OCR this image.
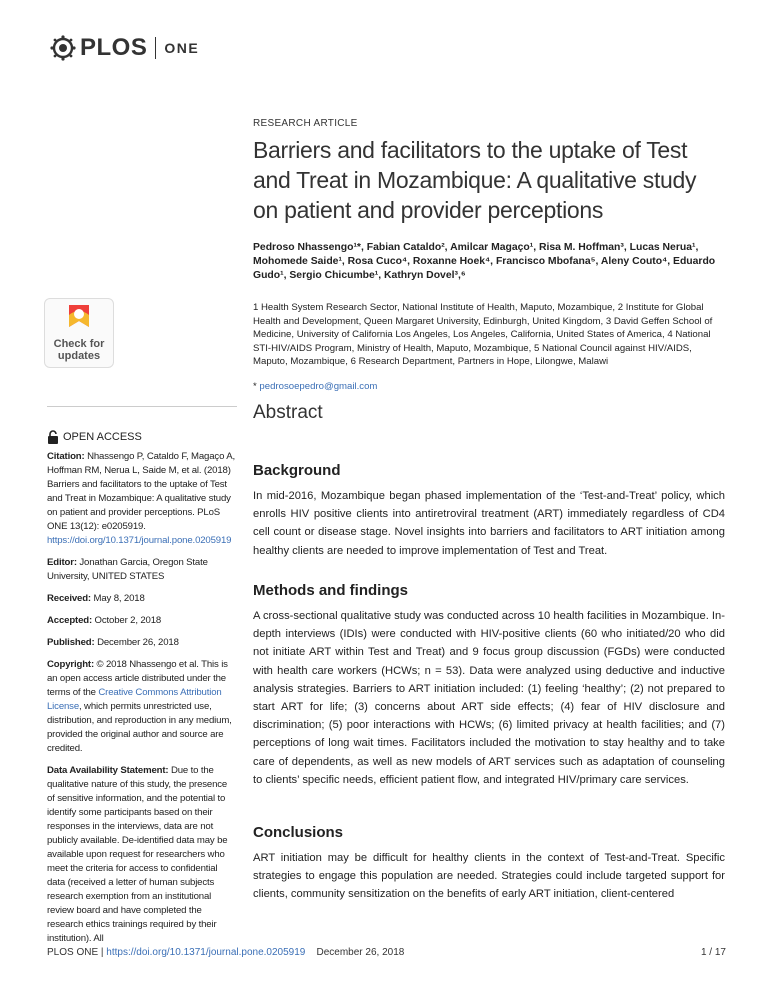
PLOS ONE
Check for
updates
OPEN ACCESS

Citation: Nhassengo P, Cataldo F, Magaço A, Hoffman RM, Nerua L, Saide M, et al. (2018) Barriers and facilitators to the uptake of Test and Treat in Mozambique: A qualitative study on patient and provider perceptions. PLoS ONE 13(12): e0205919. https://doi.org/10.1371/journal.pone.0205919

Editor: Jonathan Garcia, Oregon State University, UNITED STATES

Received: May 8, 2018

Accepted: October 2, 2018

Published: December 26, 2018

Copyright: © 2018 Nhassengo et al. This is an open access article distributed under the terms of the Creative Commons Attribution License, which permits unrestricted use, distribution, and reproduction in any medium, provided the original author and source are credited.

Data Availability Statement: Due to the qualitative nature of this study, the presence of sensitive information, and the potential to identify some participants based on their responses in the interviews, data are not publicly available. De-identified data may be available upon request for researchers who meet the criteria for access to confidential data (received a letter of human subjects research exemption from an institutional review board and have completed the research ethics trainings required by their institution). All

RESEARCH ARTICLE
Barriers and facilitators to the uptake of Test and Treat in Mozambique: A qualitative study on patient and provider perceptions
Pedroso Nhassengo¹*, Fabian Cataldo², Amilcar Magaço¹, Risa M. Hoffman³, Lucas Nerua¹, Mohomede Saide¹, Rosa Cuco⁴, Roxanne Hoek⁴, Francisco Mbofana⁵, Aleny Couto⁴, Eduardo Gudo¹, Sergio Chicumbe¹, Kathryn Dovel³,⁶
1 Health System Research Sector, National Institute of Health, Maputo, Mozambique, 2 Institute for Global Health and Development, Queen Margaret University, Edinburgh, United Kingdom, 3 David Geffen School of Medicine, University of California Los Angeles, Los Angeles, California, United States of America, 4 National STI-HIV/AIDS Program, Ministry of Health, Maputo, Mozambique, 5 National Council against HIV/AIDS, Maputo, Mozambique, 6 Research Department, Partners in Hope, Lilongwe, Malawi
* pedrosoepedro@gmail.com
Abstract
Background
In mid-2016, Mozambique began phased implementation of the ‘Test-and-Treat’ policy, which enrolls HIV positive clients into antiretroviral treatment (ART) immediately regardless of CD4 cell count or disease stage. Novel insights into barriers and facilitators to ART initiation among healthy clients are needed to improve implementation of Test and Treat.
Methods and findings
A cross-sectional qualitative study was conducted across 10 health facilities in Mozambique. In-depth interviews (IDIs) were conducted with HIV-positive clients (60 who initiated/20 who did not initiate ART within Test and Treat) and 9 focus group discussion (FGDs) were conducted with health care workers (HCWs; n = 53). Data were analyzed using deductive and inductive analysis strategies. Barriers to ART initiation included: (1) feeling ‘healthy’; (2) not prepared to start ART for life; (3) concerns about ART side effects; (4) fear of HIV disclosure and discrimination; (5) poor interactions with HCWs; (6) limited privacy at health facilities; and (7) perceptions of long wait times. Facilitators included the motivation to stay healthy and to take care of dependents, as well as new models of ART services such as adaptation of counseling to clients’ specific needs, efficient patient flow, and integrated HIV/primary care services.
Conclusions
ART initiation may be difficult for healthy clients in the context of Test-and-Treat. Specific strategies to engage this population are needed. Strategies could include targeted support for clients, community sensitization on the benefits of early ART initiation, client-centered
PLOS ONE | https://doi.org/10.1371/journal.pone.0205919 December 26, 2018	1 / 17
